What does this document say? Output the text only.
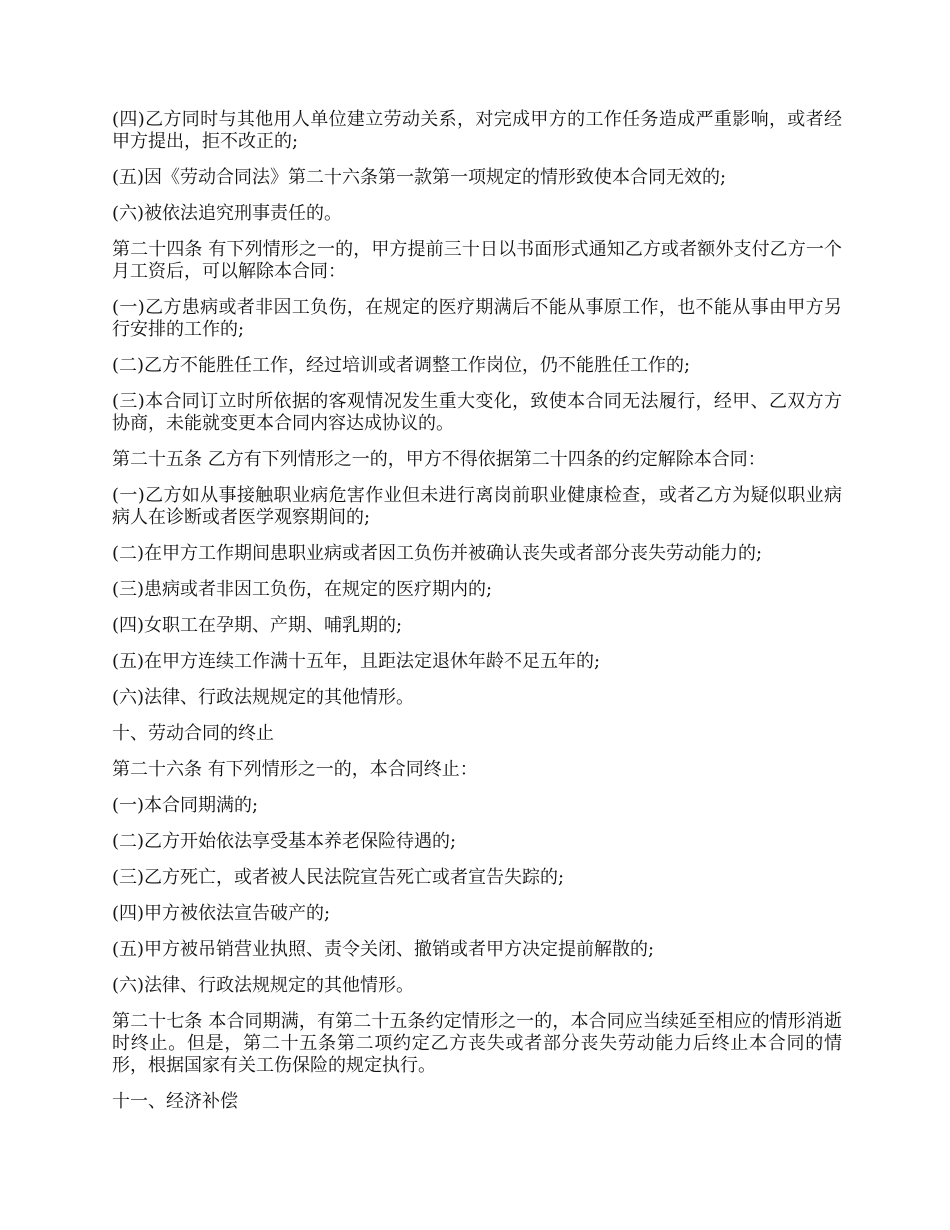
(四)乙方同时与其他用人单位建立劳动关系，对完成甲方的工作任务造成严重影响，或者经甲方提出，拒不改正的;

(五)因《劳动合同法》第二十六条第一款第一项规定的情形致使本合同无效的;

(六)被依法追究刑事责任的。

第二十四条 有下列情形之一的，甲方提前三十日以书面形式通知乙方或者额外支付乙方一个月工资后，可以解除本合同：

(一)乙方患病或者非因工负伤，在规定的医疗期满后不能从事原工作，也不能从事由甲方另行安排的工作的;

(二)乙方不能胜任工作，经过培训或者调整工作岗位，仍不能胜任工作的;

(三)本合同订立时所依据的客观情况发生重大变化，致使本合同无法履行，经甲、乙双方方协商，未能就变更本合同内容达成协议的。

第二十五条 乙方有下列情形之一的，甲方不得依据第二十四条的约定解除本合同：

(一)乙方如从事接触职业病危害作业但未进行离岗前职业健康检查，或者乙方为疑似职业病病人在诊断或者医学观察期间的;

(二)在甲方工作期间患职业病或者因工负伤并被确认丧失或者部分丧失劳动能力的;

(三)患病或者非因工负伤，在规定的医疗期内的;

(四)女职工在孕期、产期、哺乳期的;

(五)在甲方连续工作满十五年，且距法定退休年龄不足五年的;

(六)法律、行政法规规定的其他情形。

十、劳动合同的终止

第二十六条 有下列情形之一的，本合同终止：

(一)本合同期满的;

(二)乙方开始依法享受基本养老保险待遇的;

(三)乙方死亡，或者被人民法院宣告死亡或者宣告失踪的;

(四)甲方被依法宣告破产的;

(五)甲方被吊销营业执照、责令关闭、撤销或者甲方决定提前解散的;

(六)法律、行政法规规定的其他情形。

第二十七条 本合同期满，有第二十五条约定情形之一的，本合同应当续延至相应的情形消逝时终止。但是，第二十五条第二项约定乙方丧失或者部分丧失劳动能力后终止本合同的情形，根据国家有关工伤保险的规定执行。

十一、经济补偿
